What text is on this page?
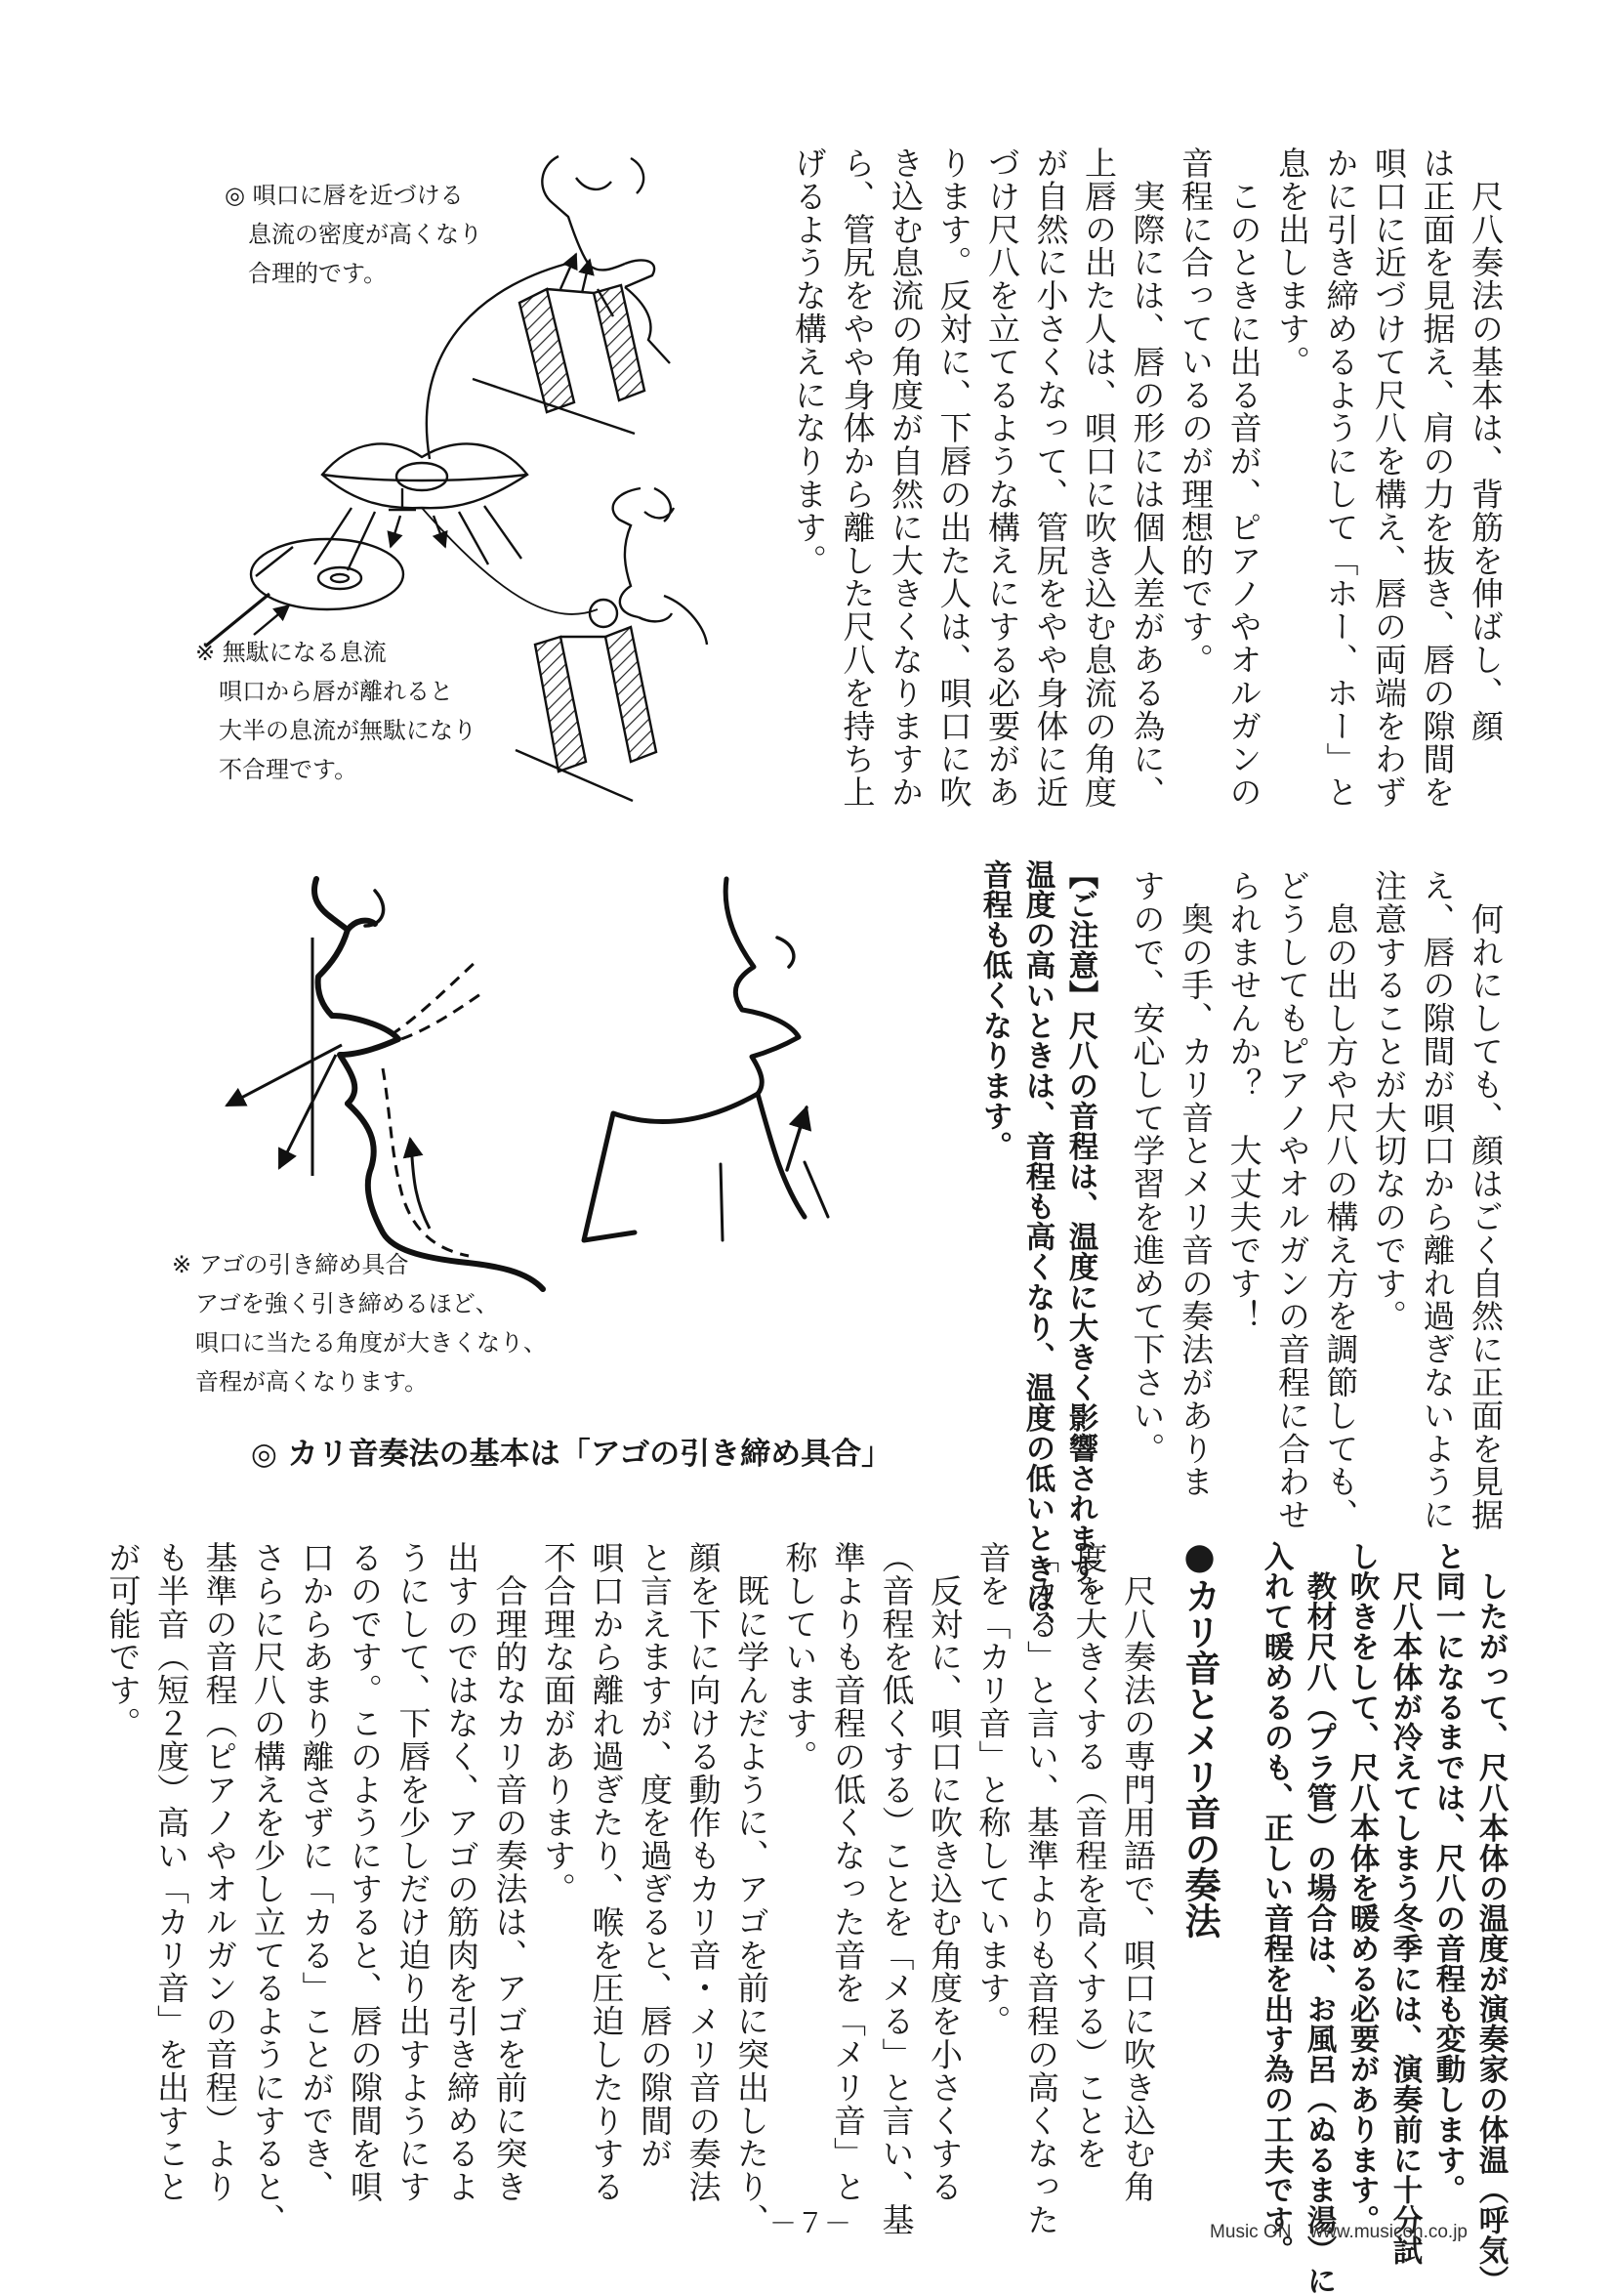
◎ 唄口に唇を近づける
　息流の密度が高くなり
　合理的です。
※ 無駄になる息流
　唄口から唇が離れると
　大半の息流が無駄になり
　不合理です。
※ アゴの引き締め具合
　アゴを強く引き締めるほど、
　唄口に当たる角度が大きくなり、
　音程が高くなります。
◎ カリ音奏法の基本は「アゴの引き締め具合」
　尺八奏法の基本は、背筋を伸ばし、顔
は正面を見据え、肩の力を抜き、唇の隙間を
唄口に近づけて尺八を構え、唇の両端をわず
かに引き締めるようにして「ホー、ホー」と
息を出します。
　このときに出る音が、ピアノやオルガンの
音程に合っているのが理想的です。
　実際には、唇の形には個人差がある為に、
上唇の出た人は、唄口に吹き込む息流の角度
が自然に小さくなって、管尻をやや身体に近
づけ尺八を立てるような構えにする必要があ
ります。反対に、下唇の出た人は、唄口に吹
き込む息流の角度が自然に大きくなりますか
ら、管尻をやや身体から離した尺八を持ち上
げるような構えになります。
　何れにしても、顔はごく自然に正面を見据
え、唇の隙間が唄口から離れ過ぎないように
注意することが大切なのです。
　息の出し方や尺八の構え方を調節しても、
どうしてもピアノやオルガンの音程に合わせ
られませんか？　大丈夫です！
　奥の手、カリ音とメリ音の奏法がありま
すので、安心して学習を進めて下さい。
【ご注意】尺八の音程は、温度に大きく影響されます。
温度の高いときは、音程も高くなり、温度の低いときは、
音程も低くなります。
　したがって、尺八本体の温度が演奏家の体温（呼気）
と同一になるまでは、尺八の音程も変動します。
　尺八本体が冷えてしまう冬季には、演奏前に十分試
し吹きをして、尺八本体を暖める必要があります。
　教材尺八（プラ管）の場合は、お風呂（ぬるま湯）に
入れて暖めるのも、正しい音程を出す為の工夫です。
●カリ音とメリ音の奏法
　尺八奏法の専門用語で、唄口に吹き込む角
度を大きくする（音程を高くする）ことを
「カる」と言い、基準よりも音程の高くなった
音を「カリ音」と称しています。
　反対に、唄口に吹き込む角度を小さくする
（音程を低くする）ことを「メる」と言い、基
準よりも音程の低くなった音を「メリ音」と
称しています。
　既に学んだように、アゴを前に突出したり、
顔を下に向ける動作もカリ音・メリ音の奏法
と言えますが、度を過ぎると、唇の隙間が
唄口から離れ過ぎたり、喉を圧迫したりする
不合理な面があります。
　合理的なカリ音の奏法は、アゴを前に突き
出すのではなく、アゴの筋肉を引き締めるよ
うにして、下唇を少しだけ迫り出すようにす
るのです。このようにすると、唇の隙間を唄
口からあまり離さずに「カる」ことができ、
さらに尺八の構えを少し立てるようにすると、
基準の音程（ピアノやオルガンの音程）より
も半音（短２度）高い「カリ音」を出すこと
が可能です。
－７－	Music ON　www.musicon.co.jp
